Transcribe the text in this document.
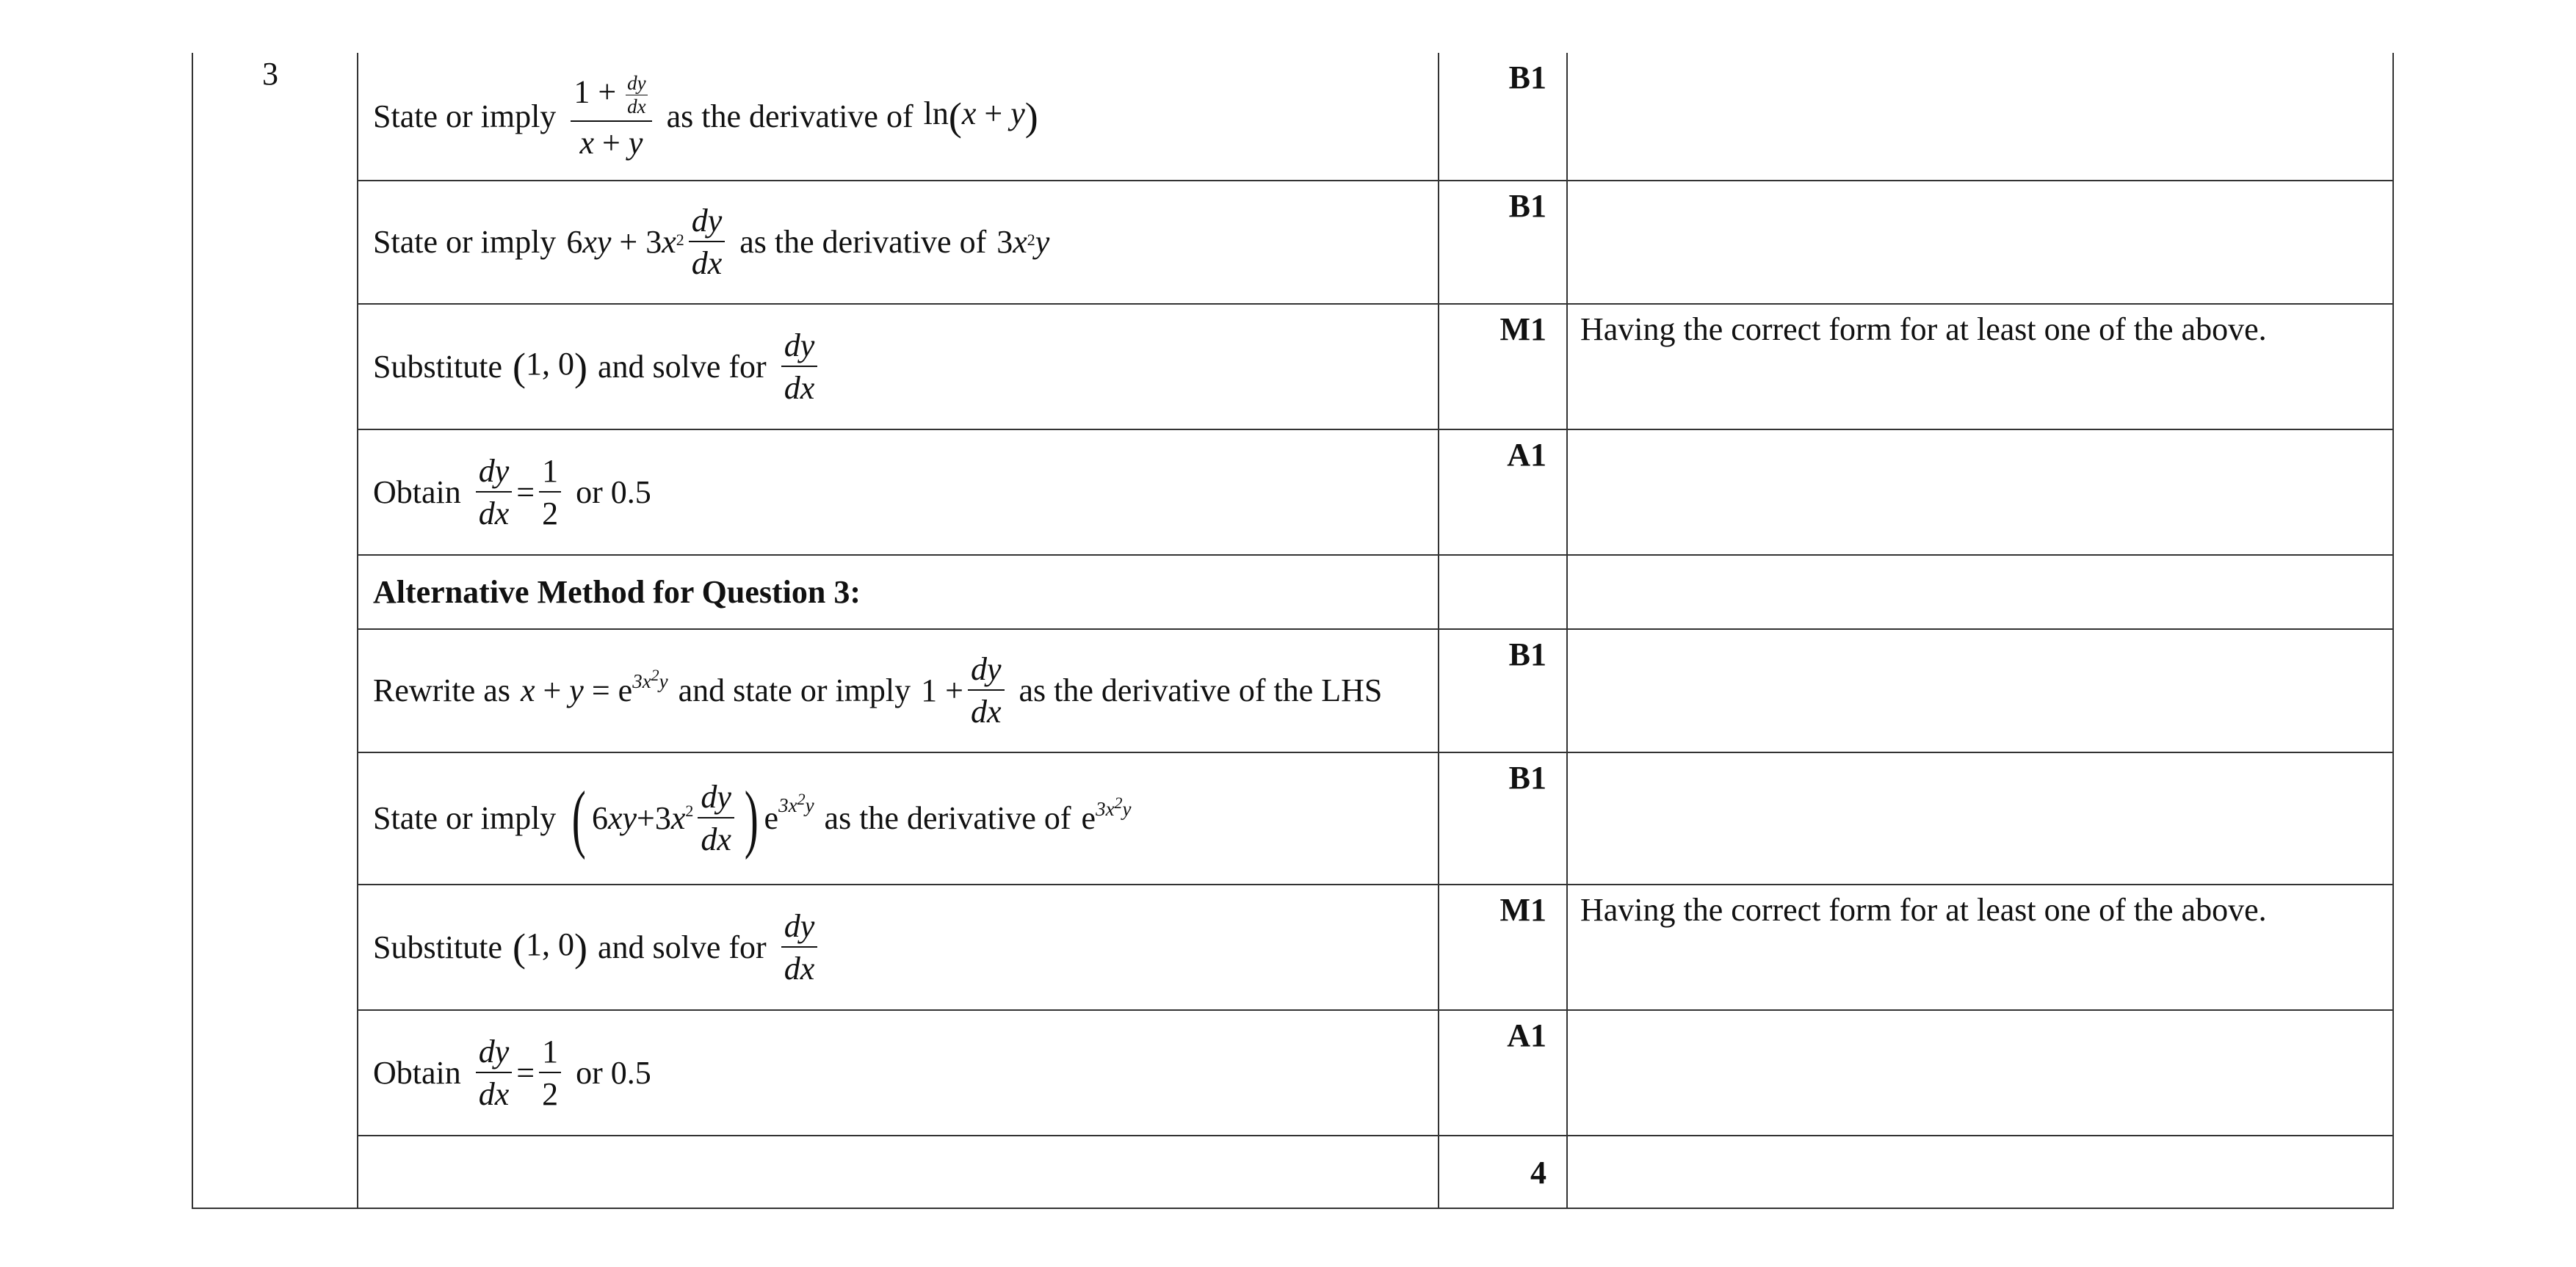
3
State or imply $\frac{1 + \frac{dy}{dx}}{x + y}$ as the derivative of ln(x + y)
B1
State or imply $6xy + 3x^2 \frac{dy}{dx}$ as the derivative of $3x^2y$
B1
Substitute (1, 0) and solve for $\frac{dy}{dx}$	M1 Having the correct form for at least one of the above.
Obtain $\frac{dy}{dx} = \frac{1}{2}$ or 0.5
A1
Alternative Method for Question 3:
Rewrite as $x + y = e^{3x^2y}$ and state or imply $1 + \frac{dy}{dx}$ as the derivative of the LHS
B1
State or imply ( 6 xy + 3 x $2 \frac{dy}{dx}$ ) e $3x^2y$ as the derivative of $e^{3x^2y}$
B1
Substitute (1, 0) and solve for $\frac{dy}{dx}$	M1 Having the correct form for at least one of the above.
Obtain $\frac{dy}{dx} = \frac{1}{2}$ or 0.5
A1
4
